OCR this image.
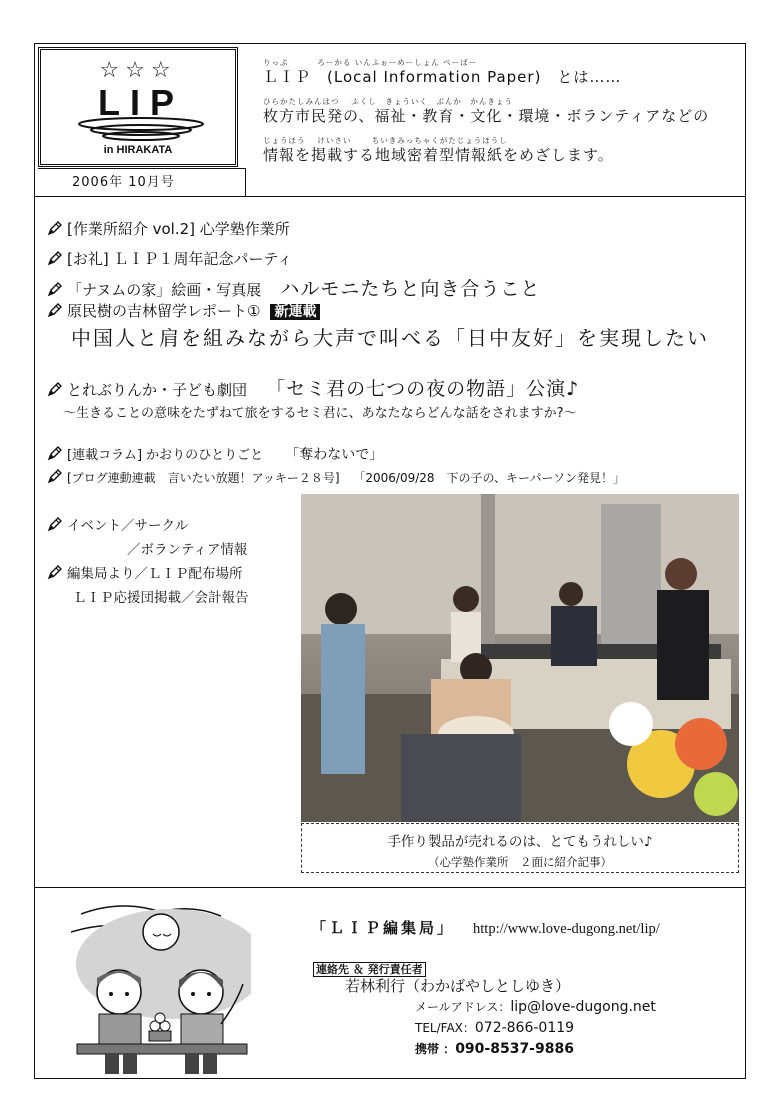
☆☆☆
LIP
in HIRAKATA
2006年 10月号
りっぷ　　　 ろーかる いんふぉーめーしょん ぺーぱー
ＬＩＰ　(Local Information Paper)　とは……
ひらかたしみんはつ　 ふくし　きょういく　ぶんか　かんきょう
枚方市民発の、福祉・教育・文化・環境・ボランティアなどの
じょうほう　 けいさい　 　ちいきみっちゃくがたじょうほうし
情報を掲載する地域密着型情報紙をめざします。
[作業所紹介 vol.2] 心学塾作業所
[お礼] ＬＩＰ１周年記念パーティ
「ナヌムの家」絵画・写真展 ハルモニたちと向き合うこと
原民樹の吉林留学レポート① 新連載
中国人と肩を組みながら大声で叫べる「日中友好」を実現したい
とれぶりんか・子ども劇団 「セミ君の七つの夜の物語」公演♪
～生きることの意味をたずねて旅をするセミ君に、あなたならどんな話をされますか?～
[連載コラム] かおりのひとりごと 「奪わないで」
[ブログ連動連載　言いたい放題！アッキー２８号] 「2006/09/28　下の子の、キーパーソン発見！」
イベント／サークル
／ボランティア情報
編集局より／ＬＩＰ配布場所
ＬＩＰ応援団掲載／会計報告
手作り製品が売れるのは、とてもうれしい♪
（心学塾作業所　２面に紹介記事）
「ＬＩＰ編集局」 http://www.love-dugong.net/lip/
連絡先 ＆ 発行責任者
若林利行（わかばやしとしゆき）
メールアドレス：lip@love-dugong.net
TEL/FAX：072-866-0119
携帯 ：090-8537-9886
